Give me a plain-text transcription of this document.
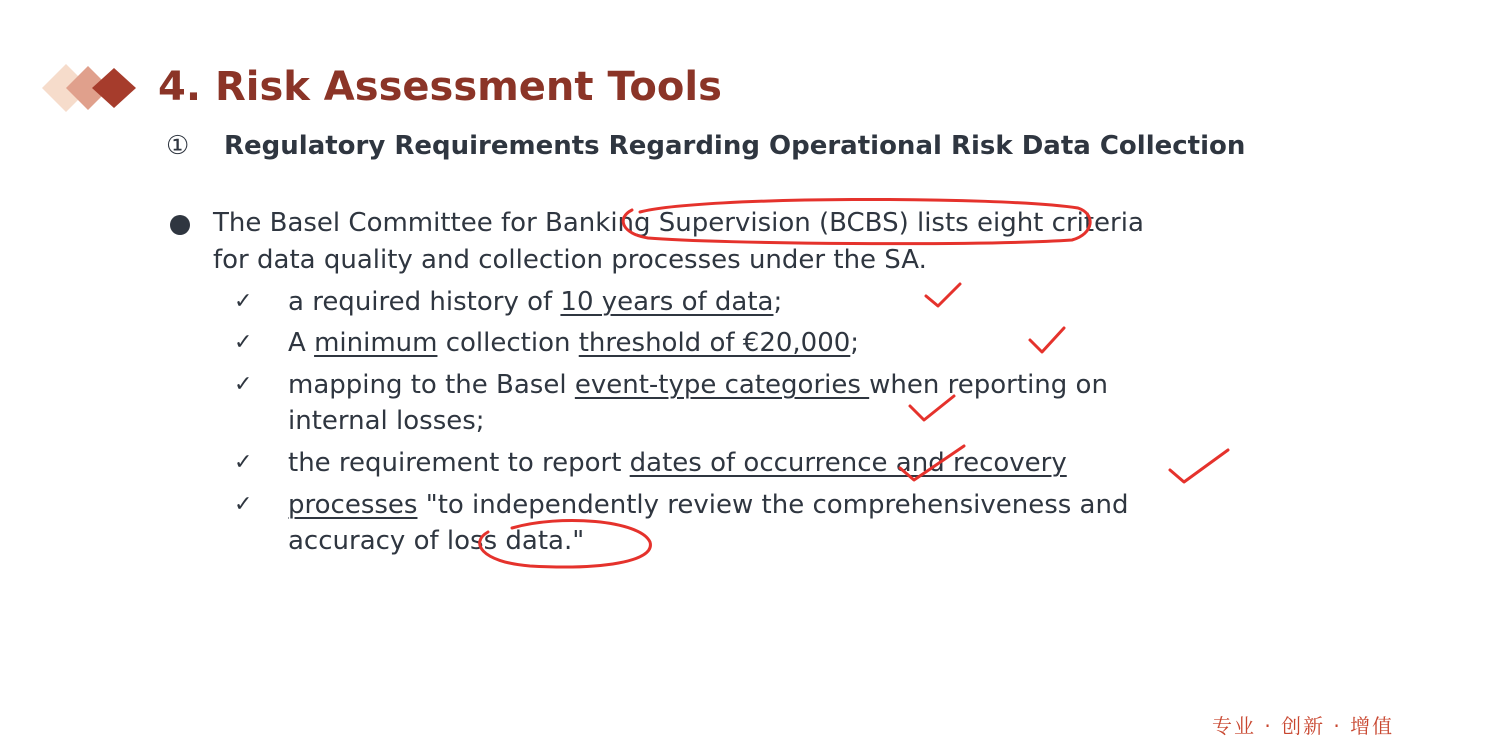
4. Risk Assessment Tools
①	Regulatory Requirements Regarding Operational Risk Data Collection
The Basel Committee for Banking Supervision (BCBS) lists eight criteria
for data quality and collection processes under the SA.
✓ a required history of 10 years of data;
✓ A minimum collection threshold of €20,000;
✓ mapping to the Basel event-type categories when reporting on
internal losses;
✓ the requirement to report dates of occurrence and recovery
✓ processes "to independently review the comprehensiveness and
accuracy of loss data."
专业 · 创新 · 增值
